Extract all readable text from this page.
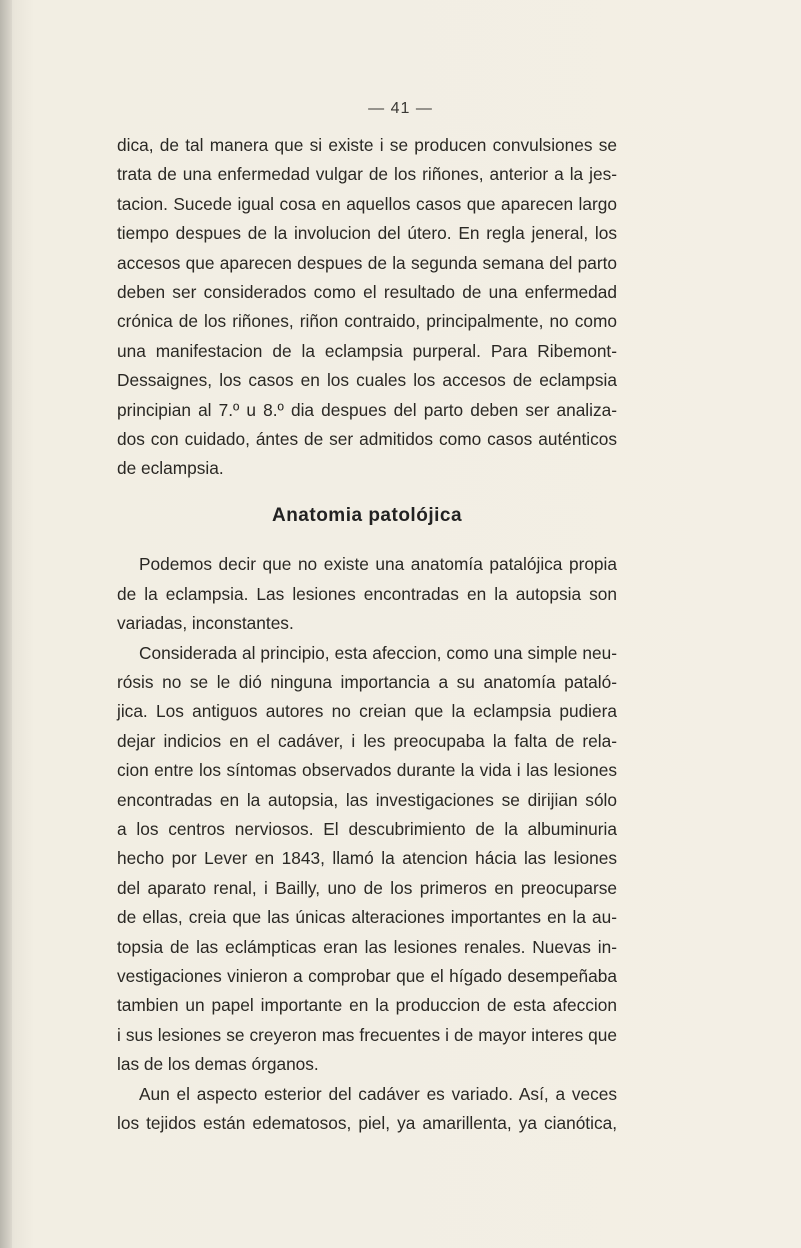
— 41 —

dica, de tal manera que si existe i se producen convulsiones se
trata de una enfermedad vulgar de los riñones, anterior a la jes-
tacion. Sucede igual cosa en aquellos casos que aparecen largo
tiempo despues de la involucion del útero. En regla jeneral, los
accesos que aparecen despues de la segunda semana del parto
deben ser considerados como el resultado de una enfermedad
crónica de los riñones, riñon contraido, principalmente, no como
una manifestacion de la eclampsia purperal. Para Ribemont-
Dessaignes, los casos en los cuales los accesos de eclampsia
principian al 7.º u 8.º dia despues del parto deben ser analiza-
dos con cuidado, ántes de ser admitidos como casos auténticos
de eclampsia.

Anatomia patolójica

Podemos decir que no existe una anatomía patalójica propia
de la eclampsia. Las lesiones encontradas en la autopsia son
variadas, inconstantes.

Considerada al principio, esta afeccion, como una simple neu-
rósis no se le dió ninguna importancia a su anatomía pataló-
jica. Los antiguos autores no creian que la eclampsia pudiera
dejar indicios en el cadáver, i les preocupaba la falta de rela-
cion entre los síntomas observados durante la vida i las lesiones
encontradas en la autopsia, las investigaciones se dirijian sólo
a los centros nerviosos. El descubrimiento de la albuminuria
hecho por Lever en 1843, llamó la atencion hácia las lesiones
del aparato renal, i Bailly, uno de los primeros en preocuparse
de ellas, creia que las únicas alteraciones importantes en la au-
topsia de las eclámpticas eran las lesiones renales. Nuevas in-
vestigaciones vinieron a comprobar que el hígado desempeñaba
tambien un papel importante en la produccion de esta afeccion
i sus lesiones se creyeron mas frecuentes i de mayor interes que
las de los demas órganos.

Aun el aspecto esterior del cadáver es variado. Así, a veces
los tejidos están edematosos, piel, ya amarillenta, ya cianótica,
